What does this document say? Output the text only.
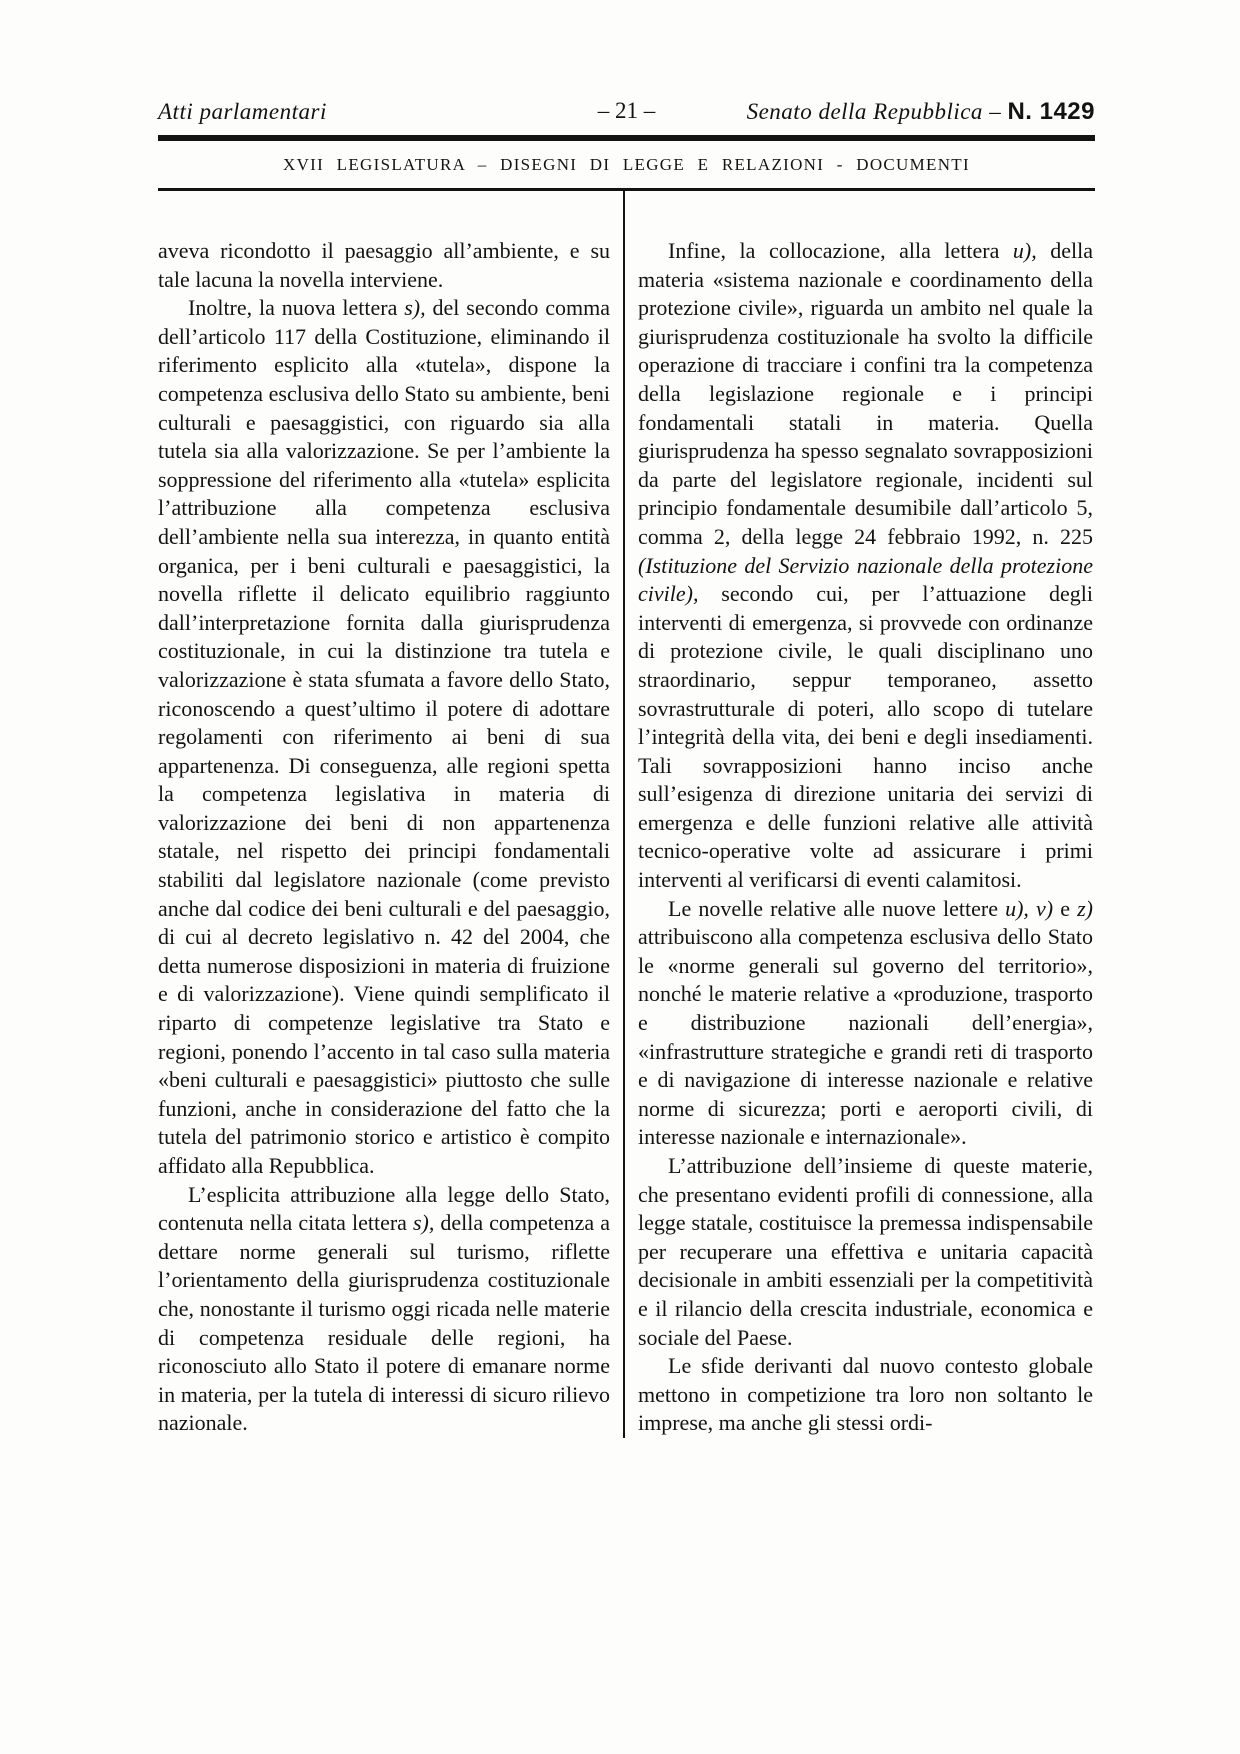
Atti parlamentari	– 21 –	Senato della Repubblica – N. 1429
XVII LEGISLATURA – DISEGNI DI LEGGE E RELAZIONI - DOCUMENTI

aveva ricondotto il paesaggio all’ambiente, e su tale lacuna la novella interviene.

Inoltre, la nuova lettera s), del secondo comma dell’articolo 117 della Costituzione, eliminando il riferimento esplicito alla «tutela», dispone la competenza esclusiva dello Stato su ambiente, beni culturali e paesaggistici, con riguardo sia alla tutela sia alla valorizzazione. Se per l’ambiente la soppressione del riferimento alla «tutela» esplicita l’attribuzione alla competenza esclusiva dell’ambiente nella sua interezza, in quanto entità organica, per i beni culturali e paesaggistici, la novella riflette il delicato equilibrio raggiunto dall’interpretazione fornita dalla giurisprudenza costituzionale, in cui la distinzione tra tutela e valorizzazione è stata sfumata a favore dello Stato, riconoscendo a quest’ultimo il potere di adottare regolamenti con riferimento ai beni di sua appartenenza. Di conseguenza, alle regioni spetta la competenza legislativa in materia di valorizzazione dei beni di non appartenenza statale, nel rispetto dei principi fondamentali stabiliti dal legislatore nazionale (come previsto anche dal codice dei beni culturali e del paesaggio, di cui al decreto legislativo n. 42 del 2004, che detta numerose disposizioni in materia di fruizione e di valorizzazione). Viene quindi semplificato il riparto di competenze legislative tra Stato e regioni, ponendo l’accento in tal caso sulla materia «beni culturali e paesaggistici» piuttosto che sulle funzioni, anche in considerazione del fatto che la tutela del patrimonio storico e artistico è compito affidato alla Repubblica.

L’esplicita attribuzione alla legge dello Stato, contenuta nella citata lettera s), della competenza a dettare norme generali sul turismo, riflette l’orientamento della giurisprudenza costituzionale che, nonostante il turismo oggi ricada nelle materie di competenza residuale delle regioni, ha riconosciuto allo Stato il potere di emanare norme in materia, per la tutela di interessi di sicuro rilievo nazionale.

Infine, la collocazione, alla lettera u), della materia «sistema nazionale e coordinamento della protezione civile», riguarda un ambito nel quale la giurisprudenza costituzionale ha svolto la difficile operazione di tracciare i confini tra la competenza della legislazione regionale e i principi fondamentali statali in materia. Quella giurisprudenza ha spesso segnalato sovrapposizioni da parte del legislatore regionale, incidenti sul principio fondamentale desumibile dall’articolo 5, comma 2, della legge 24 febbraio 1992, n. 225 (Istituzione del Servizio nazionale della protezione civile), secondo cui, per l’attuazione degli interventi di emergenza, si provvede con ordinanze di protezione civile, le quali disciplinano uno straordinario, seppur temporaneo, assetto sovrastrutturale di poteri, allo scopo di tutelare l’integrità della vita, dei beni e degli insediamenti. Tali sovrapposizioni hanno inciso anche sull’esigenza di direzione unitaria dei servizi di emergenza e delle funzioni relative alle attività tecnico-operative volte ad assicurare i primi interventi al verificarsi di eventi calamitosi.

Le novelle relative alle nuove lettere u), v) e z) attribuiscono alla competenza esclusiva dello Stato le «norme generali sul governo del territorio», nonché le materie relative a «produzione, trasporto e distribuzione nazionali dell’energia», «infrastrutture strategiche e grandi reti di trasporto e di navigazione di interesse nazionale e relative norme di sicurezza; porti e aeroporti civili, di interesse nazionale e internazionale».

L’attribuzione dell’insieme di queste materie, che presentano evidenti profili di connessione, alla legge statale, costituisce la premessa indispensabile per recuperare una effettiva e unitaria capacità decisionale in ambiti essenziali per la competitività e il rilancio della crescita industriale, economica e sociale del Paese.

Le sfide derivanti dal nuovo contesto globale mettono in competizione tra loro non soltanto le imprese, ma anche gli stessi ordi-
